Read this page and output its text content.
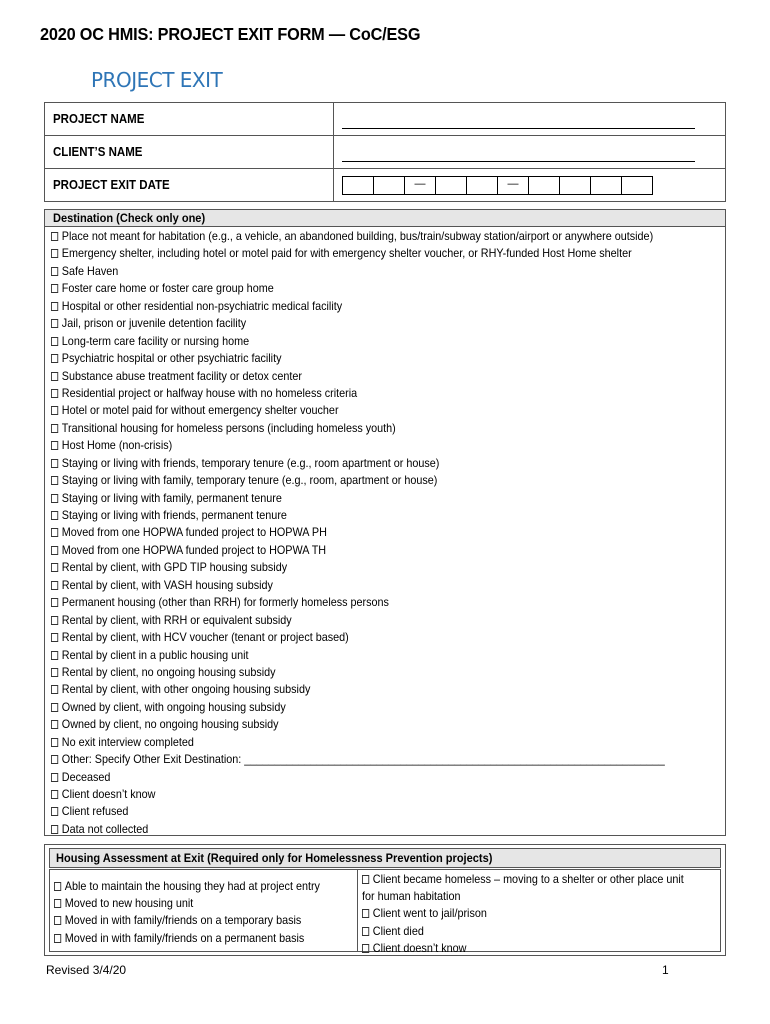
2020 OC HMIS: PROJECT EXIT FORM — CoC/ESG
PROJECT EXIT
PROJECT NAME	

CLIENT’S NAME	

PROJECT EXIT DATE	— —
Destination (Check only one)
Place not meant for habitation (e.g., a vehicle, an abandoned building, bus/train/subway station/airport or anywhere outside)
Emergency shelter, including hotel or motel paid for with emergency shelter voucher, or RHY-funded Host Home shelter
Safe Haven
Foster care home or foster care group home
Hospital or other residential non-psychiatric medical facility
Jail, prison or juvenile detention facility
Long-term care facility or nursing home
Psychiatric hospital or other psychiatric facility
Substance abuse treatment facility or detox center
Residential project or halfway house with no homeless criteria
Hotel or motel paid for without emergency shelter voucher
Transitional housing for homeless persons (including homeless youth)
Host Home (non-crisis)
Staying or living with friends, temporary tenure (e.g., room apartment or house)
Staying or living with family, temporary tenure (e.g., room, apartment or house)
Staying or living with family, permanent tenure
Staying or living with friends, permanent tenure
Moved from one HOPWA funded project to HOPWA PH
Moved from one HOPWA funded project to HOPWA TH
Rental by client, with GPD TIP housing subsidy
Rental by client, with VASH housing subsidy
Permanent housing (other than RRH) for formerly homeless persons
Rental by client, with RRH or equivalent subsidy
Rental by client, with HCV voucher (tenant or project based)
Rental by client in a public housing unit
Rental by client, no ongoing housing subsidy
Rental by client, with other ongoing housing subsidy
Owned by client, with ongoing housing subsidy
Owned by client, no ongoing housing subsidy
No exit interview completed
Other: Specify Other Exit Destination: ______________________________________________________________________
Deceased
Client doesn’t know
Client refused
Data not collected
Housing Assessment at Exit (Required only for Homelessness Prevention projects)
Able to maintain the housing they had at project entry
Moved to new housing unit
Moved in with family/friends on a temporary basis
Moved in with family/friends on a permanent basis
Client became homeless – moving to a shelter or other place unit
for human habitation
Client went to jail/prison
Client died
Client doesn’t know
Revised 3/4/20	1
